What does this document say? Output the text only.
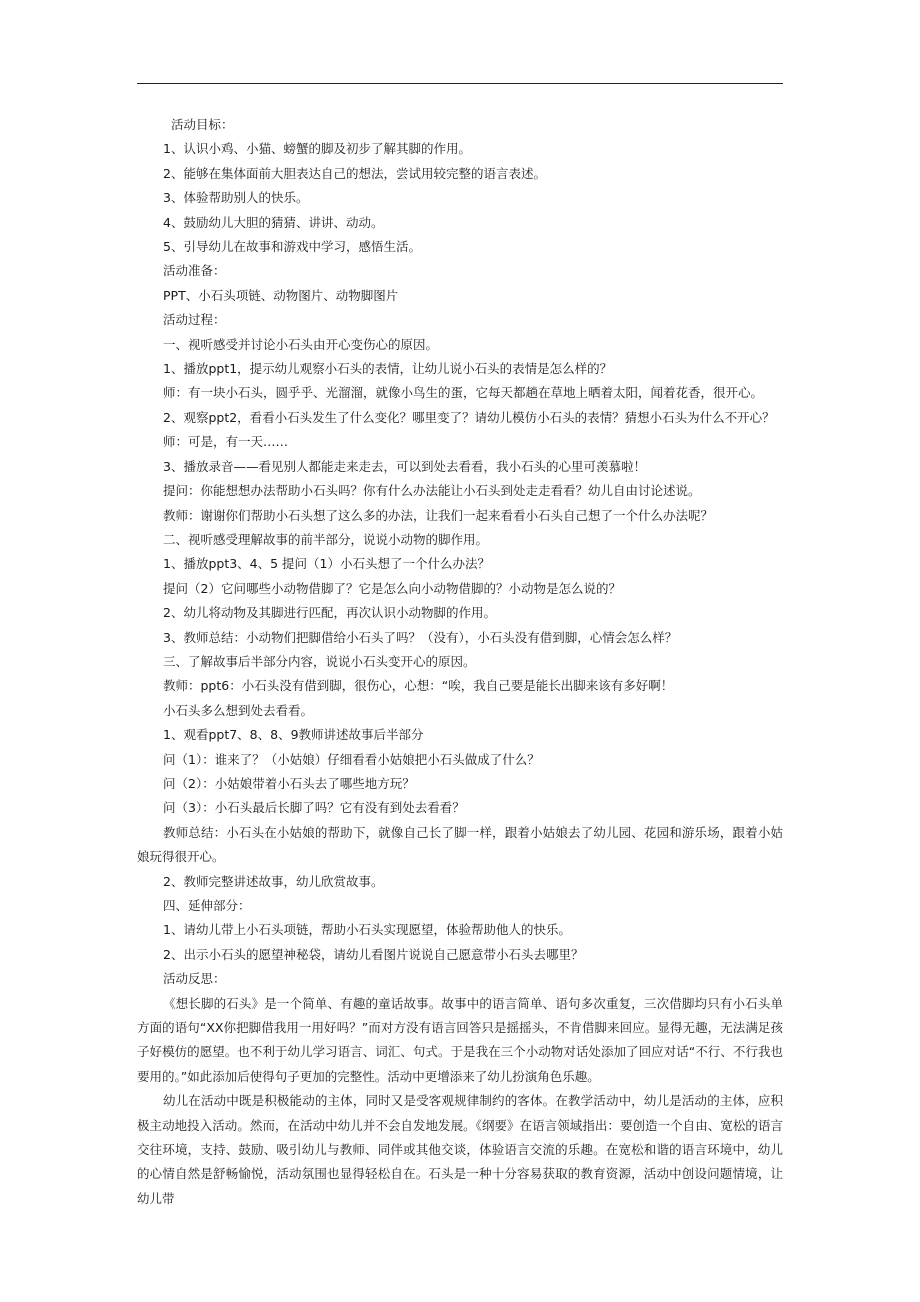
活动目标：
1、认识小鸡、小猫、螃蟹的脚及初步了解其脚的作用。
2、能够在集体面前大胆表达自己的想法，尝试用较完整的语言表述。
3、体验帮助别人的快乐。
4、鼓励幼儿大胆的猜猜、讲讲、动动。
5、引导幼儿在故事和游戏中学习，感悟生活。
活动准备：
PPT、小石头项链、动物图片、动物脚图片
活动过程：
一、视听感受并讨论小石头由开心变伤心的原因。
1、播放ppt1，提示幼儿观察小石头的表情，让幼儿说小石头的表情是怎么样的？
师：有一块小石头，圆乎乎、光溜溜，就像小鸟生的蛋，它每天都趟在草地上晒着太阳，闻着花香，很开心。
2、观察ppt2，看看小石头发生了什么变化？哪里变了？请幼儿模仿小石头的表情？猜想小石头为什么不开心？
师：可是，有一天……
3、播放录音——看见别人都能走来走去，可以到处去看看，我小石头的心里可羡慕啦！
提问：你能想想办法帮助小石头吗？你有什么办法能让小石头到处走走看看？幼儿自由讨论述说。
教师：谢谢你们帮助小石头想了这么多的办法，让我们一起来看看小石头自己想了一个什么办法呢？
二、视听感受理解故事的前半部分，说说小动物的脚作用。
1、播放ppt3、4、5 提问（1）小石头想了一个什么办法？
提问（2）它问哪些小动物借脚了？它是怎么向小动物借脚的？小动物是怎么说的？
2、幼儿将动物及其脚进行匹配，再次认识小动物脚的作用。
3、教师总结：小动物们把脚借给小石头了吗？（没有），小石头没有借到脚，心情会怎么样？
三、了解故事后半部分内容，说说小石头变开心的原因。
教师：ppt6：小石头没有借到脚，很伤心，心想：“唉，我自己要是能长出脚来该有多好啊！
小石头多么想到处去看看。
1、观看ppt7、8、8、9教师讲述故事后半部分
问（1）：谁来了？（小姑娘）仔细看看小姑娘把小石头做成了什么？
问（2）：小姑娘带着小石头去了哪些地方玩？
问（3）：小石头最后长脚了吗？它有没有到处去看看？

教师总结：小石头在小姑娘的帮助下，就像自己长了脚一样，跟着小姑娘去了幼儿园、花园和游乐场，跟着小姑娘玩得很开心。

2、教师完整讲述故事，幼儿欣赏故事。
四、延伸部分：
1、请幼儿带上小石头项链，帮助小石头实现愿望，体验帮助他人的快乐。
2、出示小石头的愿望神秘袋，请幼儿看图片说说自己愿意带小石头去哪里？
活动反思：

《想长脚的石头》是一个简单、有趣的童话故事。故事中的语言简单、语句多次重复，三次借脚均只有小石头单方面的语句“XX你把脚借我用一用好吗？”而对方没有语言回答只是摇摇头，不肯借脚来回应。显得无趣，无法满足孩子好模仿的愿望。也不利于幼儿学习语言、词汇、句式。于是我在三个小动物对话处添加了回应对话“不行、不行我也要用的。”如此添加后使得句子更加的完整性。活动中更增添来了幼儿扮演角色乐趣。

幼儿在活动中既是积极能动的主体，同时又是受客观规律制约的客体。在教学活动中，幼儿是活动的主体，应积极主动地投入活动。然而，在活动中幼儿并不会自发地发展。《纲要》在语言领域指出：要创造一个自由、宽松的语言交往环境，支持、鼓励、吸引幼儿与教师、同伴或其他交谈，体验语言交流的乐趣。在宽松和谐的语言环境中，幼儿的心情自然是舒畅愉悦，活动氛围也显得轻松自在。石头是一种十分容易获取的教育资源，活动中创设问题情境，让幼儿带
